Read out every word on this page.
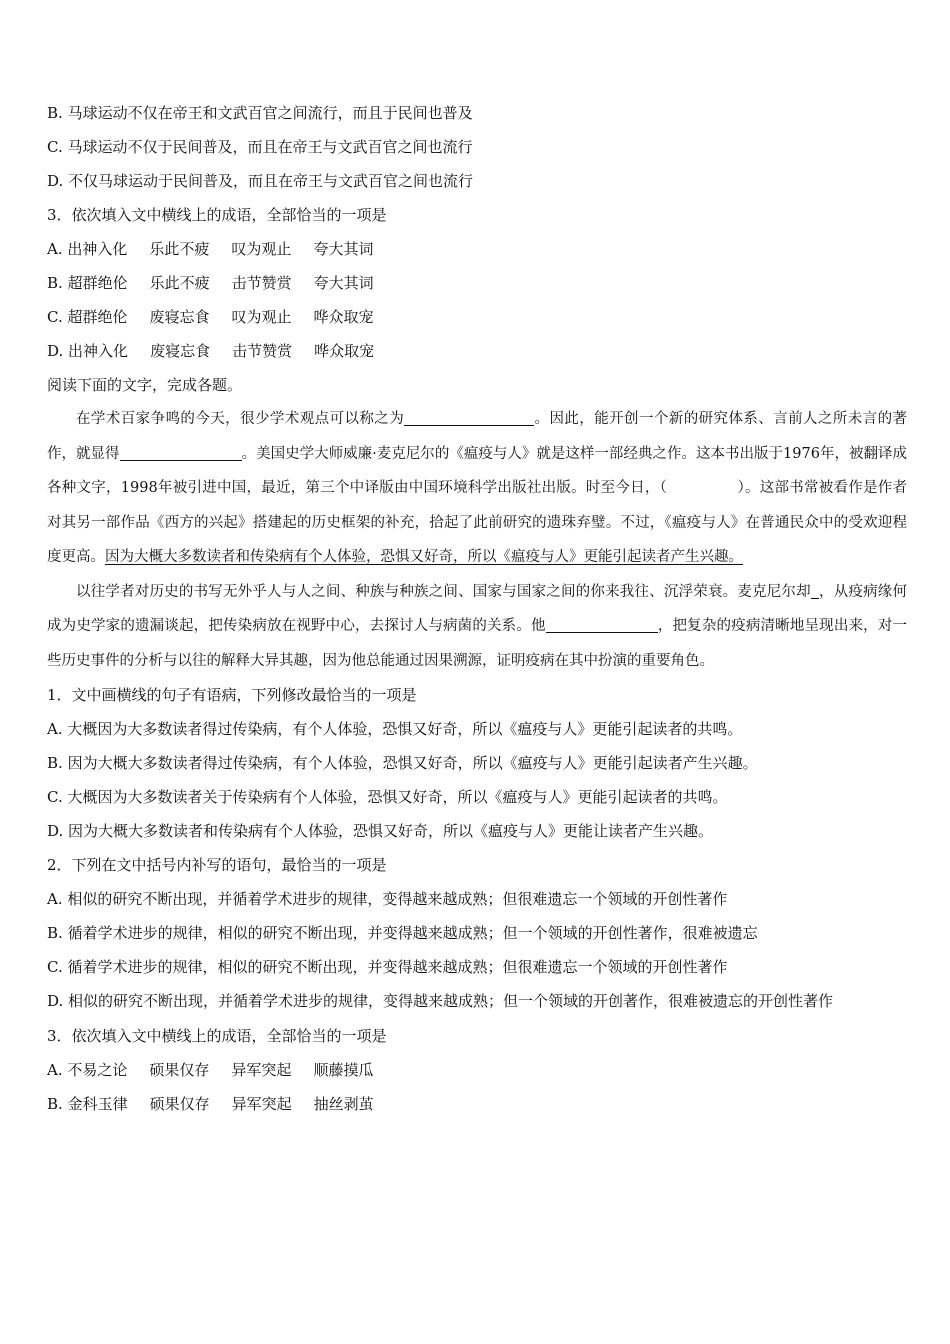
B. 马球运动不仅在帝王和文武百官之间流行，而且于民间也普及
C. 马球运动不仅于民间普及，而且在帝王与文武百官之间也流行
D. 不仅马球运动于民间普及，而且在帝王与文武百官之间也流行
3．依次填入文中横线上的成语，全部恰当的一项是
A. 出神入化 乐此不疲 叹为观止 夸大其词
B. 超群绝伦 乐此不疲 击节赞赏 夸大其词
C. 超群绝伦 废寝忘食 叹为观止 哗众取宠
D. 出神入化 废寝忘食 击节赞赏 哗众取宠
阅读下面的文字，完成各题。

在学术百家争鸣的今天，很少学术观点可以称之为	。因此，能开创一个新的研究体系、言前人之所未言的著作，就显得	。美国史学大师威廉·麦克尼尔的《瘟疫与人》就是这样一部经典之作。这本书出版于1976年，被翻译成各种文字，1998年被引进中国，最近，第三个中译版由中国环境科学出版社出版。时至今日，（	）。这部书常被看作是作者对其另一部作品《西方的兴起》搭建起的历史框架的补充，拾起了此前研究的遗珠弃璧。不过，《瘟疫与人》在普通民众中的受欢迎程度更高。因为大概大多数读者和传染病有个人体验，恐惧又好奇，所以《瘟疫与人》更能引起读者产生兴趣。

以往学者对历史的书写无外乎人与人之间、种族与种族之间、国家与国家之间的你来我往、沉浮荣衰。麦克尼尔却 ，从疫病缘何成为史学家的遗漏谈起，把传染病放在视野中心，去探讨人与病菌的关系。他	，把复杂的疫病清晰地呈现出来，对一些历史事件的分析与以往的解释大异其趣，因为他总能通过因果溯源，证明疫病在其中扮演的重要角色。

1．文中画横线的句子有语病，下列修改最恰当的一项是
A. 大概因为大多数读者得过传染病，有个人体验，恐惧又好奇，所以《瘟疫与人》更能引起读者的共鸣。
B. 因为大概大多数读者得过传染病，有个人体验，恐惧又好奇，所以《瘟疫与人》更能引起读者产生兴趣。
C. 大概因为大多数读者关于传染病有个人体验，恐惧又好奇，所以《瘟疫与人》更能引起读者的共鸣。
D. 因为大概大多数读者和传染病有个人体验，恐惧又好奇，所以《瘟疫与人》更能让读者产生兴趣。
2．下列在文中括号内补写的语句，最恰当的一项是
A. 相似的研究不断出现，并循着学术进步的规律，变得越来越成熟；但很难遗忘一个领域的开创性著作
B. 循着学术进步的规律，相似的研究不断出现，并变得越来越成熟；但一个领域的开创性著作，很难被遗忘
C. 循着学术进步的规律，相似的研究不断出现，并变得越来越成熟；但很难遗忘一个领域的开创性著作
D. 相似的研究不断出现，并循着学术进步的规律，变得越来越成熟；但一个领域的开创著作，很难被遗忘的开创性著作
3．依次填入文中横线上的成语，全部恰当的一项是
A. 不易之论 硕果仅存 异军突起 顺藤摸瓜
B. 金科玉律 硕果仅存 异军突起 抽丝剥茧
